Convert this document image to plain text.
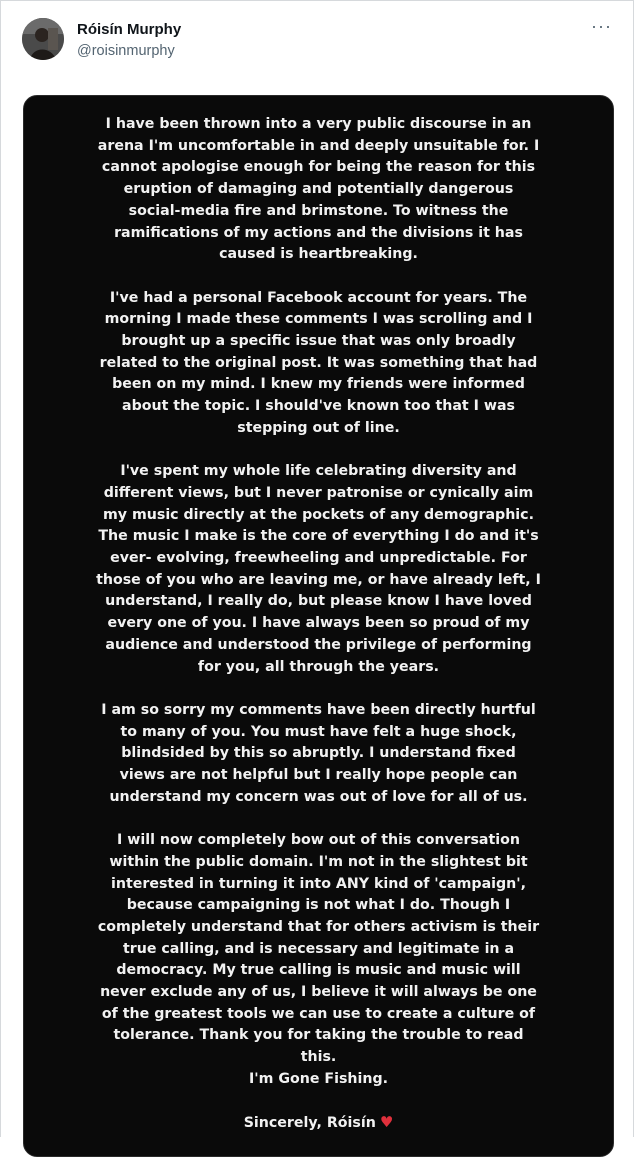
Róisín Murphy
@roisinmurphy
···

I have been thrown into a very public discourse in an
arena I'm uncomfortable in and deeply unsuitable for. I
cannot apologise enough for being the reason for this
eruption of damaging and potentially dangerous
social-media fire and brimstone. To witness the
ramifications of my actions and the divisions it has
caused is heartbreaking.

I've had a personal Facebook account for years. The
morning I made these comments I was scrolling and I
brought up a specific issue that was only broadly
related to the original post. It was something that had
been on my mind. I knew my friends were informed
about the topic. I should've known too that I was
stepping out of line.

I've spent my whole life celebrating diversity and
different views, but I never patronise or cynically aim
my music directly at the pockets of any demographic.
The music I make is the core of everything I do and it's
ever- evolving, freewheeling and unpredictable. For
those of you who are leaving me, or have already left, I
understand, I really do, but please know I have loved
every one of you. I have always been so proud of my
audience and understood the privilege of performing
for you, all through the years.

I am so sorry my comments have been directly hurtful
to many of you. You must have felt a huge shock,
blindsided by this so abruptly. I understand fixed
views are not helpful but I really hope people can
understand my concern was out of love for all of us.

I will now completely bow out of this conversation
within the public domain. I'm not in the slightest bit
interested in turning it into ANY kind of 'campaign',
because campaigning is not what I do. Though I
completely understand that for others activism is their
true calling, and is necessary and legitimate in a
democracy. My true calling is music and music will
never exclude any of us, I believe it will always be one
of the greatest tools we can use to create a culture of
tolerance. Thank you for taking the trouble to read
this.
I'm Gone Fishing.

Sincerely, Róisín ♥
